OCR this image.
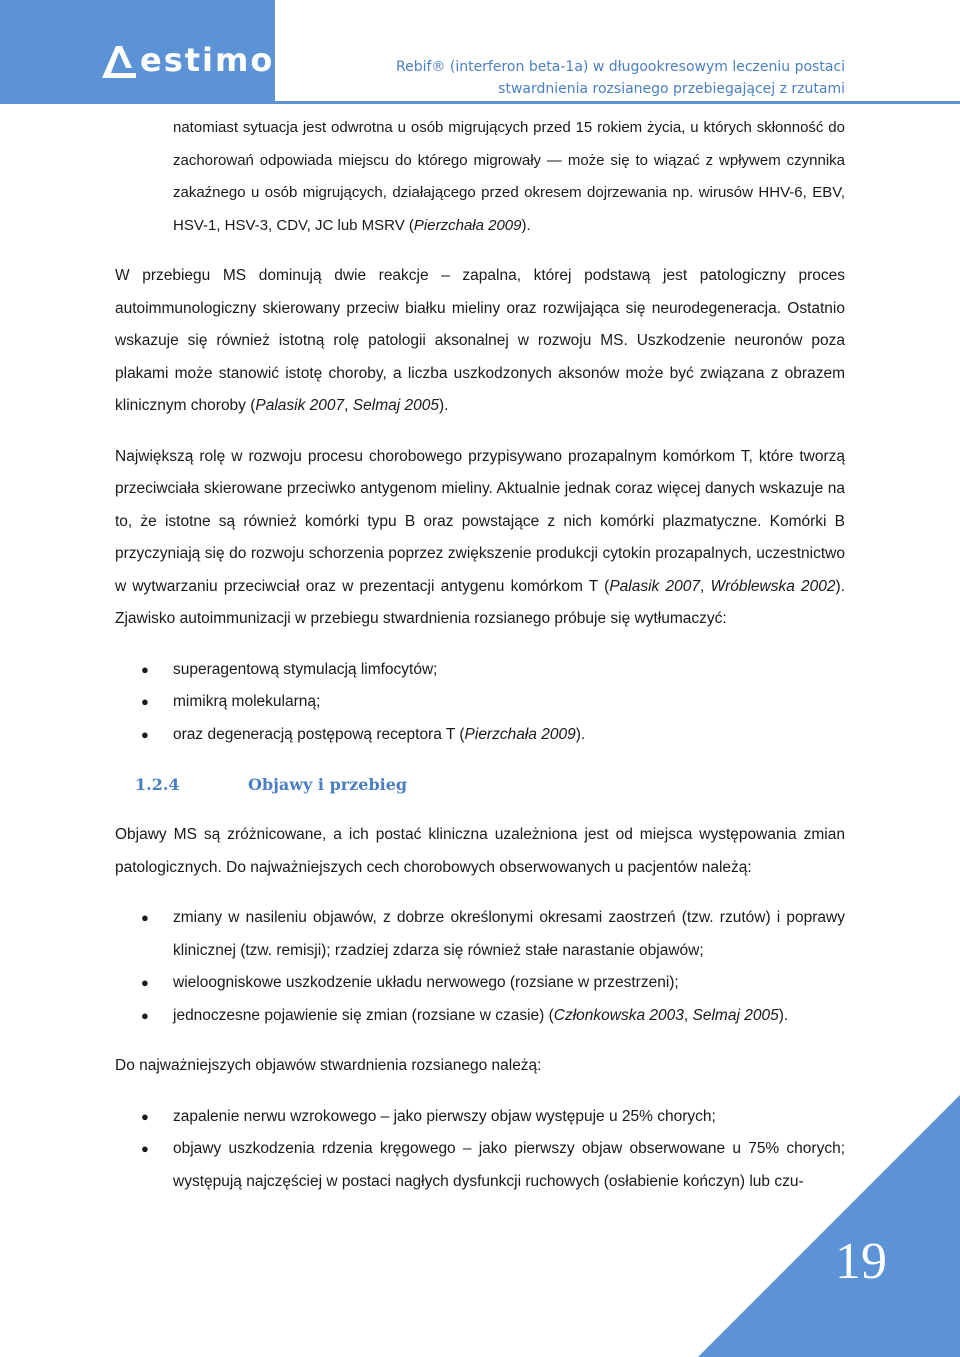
estimo	Rebif® (interferon beta-1a) w długookresowym leczeniu postaci
stwardnienia rozsianego przebiegającej z rzutami

natomiast sytuacja jest odwrotna u osób migrujących przed 15 rokiem życia, u których skłonność do zachorowań odpowiada miejscu do którego migrowały — może się to wiązać z wpływem czynnika zakaźnego u osób migrujących, działającego przed okresem dojrzewania np. wirusów HHV-6, EBV, HSV-1, HSV-3, CDV, JC lub MSRV (Pierzchała 2009).

W przebiegu MS dominują dwie reakcje – zapalna, której podstawą jest patologiczny proces autoimmunologiczny skierowany przeciw białku mieliny oraz rozwijająca się neurodegeneracja. Ostatnio wskazuje się również istotną rolę patologii aksonalnej w rozwoju MS. Uszkodzenie neuronów poza plakami może stanowić istotę choroby, a liczba uszkodzonych aksonów może być związana z obrazem klinicznym choroby (Palasik 2007, Selmaj 2005).

Największą rolę w rozwoju procesu chorobowego przypisywano prozapalnym komórkom T, które tworzą przeciwciała skierowane przeciwko antygenom mieliny. Aktualnie jednak coraz więcej danych wskazuje na to, że istotne są również komórki typu B oraz powstające z nich komórki plazmatyczne. Komórki B przyczyniają się do rozwoju schorzenia poprzez zwiększenie produkcji cytokin prozapalnych, uczestnictwo w wytwarzaniu przeciwciał oraz w prezentacji antygenu komórkom T (Palasik 2007, Wróblewska 2002). Zjawisko autoimmunizacji w przebiegu stwardnienia rozsianego próbuje się wytłumaczyć:

● superagentową stymulacją limfocytów;
● mimikrą molekularną;
● oraz degeneracją postępową receptora T (Pierzchała 2009).
1.2.4	Objawy i przebieg

Objawy MS są zróżnicowane, a ich postać kliniczna uzależniona jest od miejsca występowania zmian patologicznych. Do najważniejszych cech chorobowych obserwowanych u pacjentów należą:

● zmiany w nasileniu objawów, z dobrze określonymi okresami zaostrzeń (tzw. rzutów) i poprawy klinicznej (tzw. remisji); rzadziej zdarza się również stałe narastanie objawów;
● wieloogniskowe uszkodzenie układu nerwowego (rozsiane w przestrzeni);
● jednoczesne pojawienie się zmian (rozsiane w czasie) (Członkowska 2003, Selmaj 2005).

Do najważniejszych objawów stwardnienia rozsianego należą:

● zapalenie nerwu wzrokowego – jako pierwszy objaw występuje u 25% chorych;
● objawy uszkodzenia rdzenia kręgowego – jako pierwszy objaw obserwowane u 75% chorych; występują najczęściej w postaci nagłych dysfunkcji ruchowych (osłabienie kończyn) lub czu-
19
